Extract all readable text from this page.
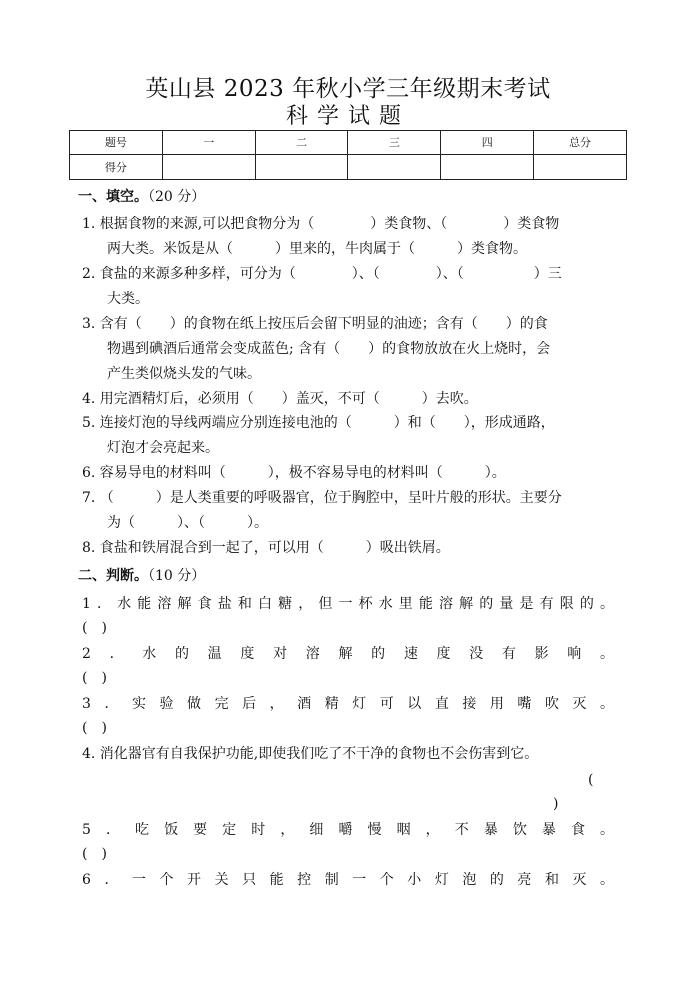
英山县 2023 年秋小学三年级期末考试
科学试题
题号	一	二	三	四	总分
得分					
一、填空。（20 分）
1. 根据食物的来源,可以把食物分为（　　　　）类食物、（　　　　）类食物
两大类。米饭是从（　　　）里来的，牛肉属于（　　　）类食物。
2. 食盐的来源多种多样，可分为（　　　　）、（　　　　）、（　　　　　）三
大类。
3. 含有（　　）的食物在纸上按压后会留下明显的油迹；含有（　　）的食
物遇到碘酒后通常会变成蓝色; 含有（　　）的食物放放在火上烧时，会
产生类似烧头发的气味。
4. 用完酒精灯后，必须用（　　）盖灭，不可（　　　）去吹。
5. 连接灯泡的导线两端应分别连接电池的（　　　）和（　　），形成通路，
灯泡才会亮起来。
6. 容易导电的材料叫（　　　），极不容易导电的材料叫（　　　）。
7. （　　　）是人类重要的呼吸器官，位于胸腔中，呈叶片般的形状。主要分
为（　　　）、（　　　）。
8. 食盐和铁屑混合到一起了，可以用（　　　）吸出铁屑。
二、判断。（10 分）
1．水能溶解食盐和白糖，但一杯水里能溶解的量是有限的。
(　)
2．水的温度对溶解的速度没有影响。
(　)
3．实验做完后，酒精灯可以直接用嘴吹灭。
(　)
4. 消化器官有自我保护功能,即使我们吃了不干净的食物也不会伤害到它。
(
)
5．吃饭要定时，细嚼慢咽，不暴饮暴食。
(　)
6．一个开关只能控制一个小灯泡的亮和灭。
